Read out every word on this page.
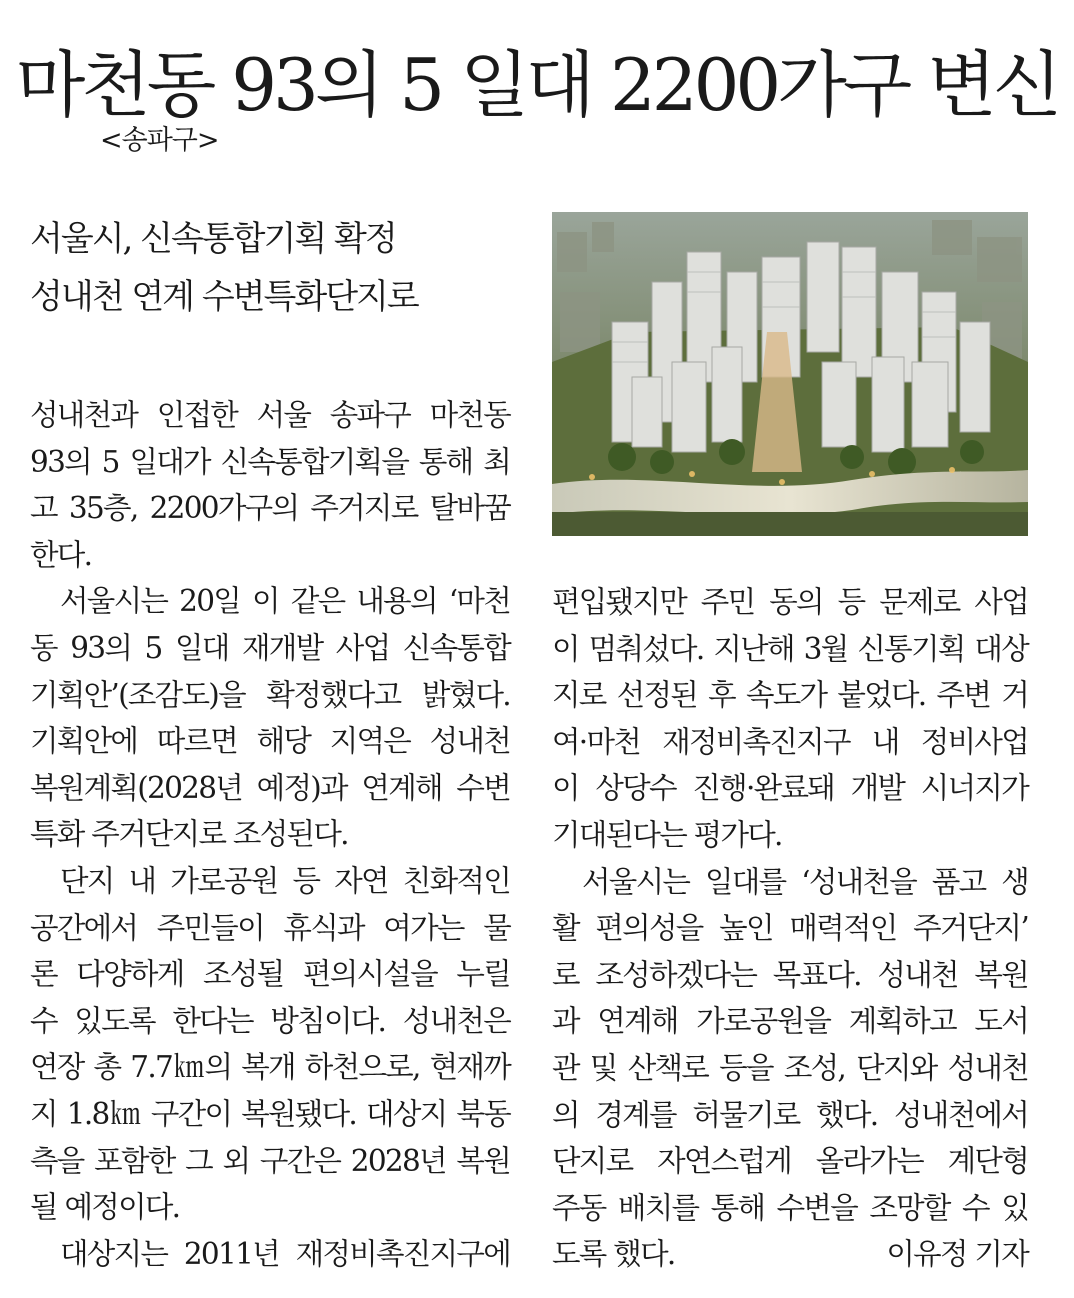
마천동 93의 5 일대 2200가구 변신
<송파구>
서울시, 신속통합기획 확정
성내천 연계 수변특화단지로
성내천과 인접한 서울 송파구 마천동
93의 5 일대가 신속통합기획을 통해 최
고 35층, 2200가구의 주거지로 탈바꿈
한다.
서울시는 20일 이 같은 내용의 ‘마천
동 93의 5 일대 재개발 사업 신속통합
기획안’(조감도)을 확정했다고 밝혔다.
기획안에 따르면 해당 지역은 성내천
복원계획(2028년 예정)과 연계해 수변
특화 주거단지로 조성된다.
단지 내 가로공원 등 자연 친화적인
공간에서 주민들이 휴식과 여가는 물
론 다양하게 조성될 편의시설을 누릴
수 있도록 한다는 방침이다. 성내천은
연장 총 7.7㎞의 복개 하천으로, 현재까
지 1.8㎞ 구간이 복원됐다. 대상지 북동
측을 포함한 그 외 구간은 2028년 복원
될 예정이다.
대상지는 2011년 재정비촉진지구에
편입됐지만 주민 동의 등 문제로 사업
이 멈춰섰다. 지난해 3월 신통기획 대상
지로 선정된 후 속도가 붙었다. 주변 거
여·마천 재정비촉진지구 내 정비사업
이 상당수 진행·완료돼 개발 시너지가
기대된다는 평가다.
서울시는 일대를 ‘성내천을 품고 생
활 편의성을 높인 매력적인 주거단지’
로 조성하겠다는 목표다. 성내천 복원
과 연계해 가로공원을 계획하고 도서
관 및 산책로 등을 조성, 단지와 성내천
의 경계를 허물기로 했다. 성내천에서
단지로 자연스럽게 올라가는 계단형
주동 배치를 통해 수변을 조망할 수 있
도록 했다.	이유정 기자
